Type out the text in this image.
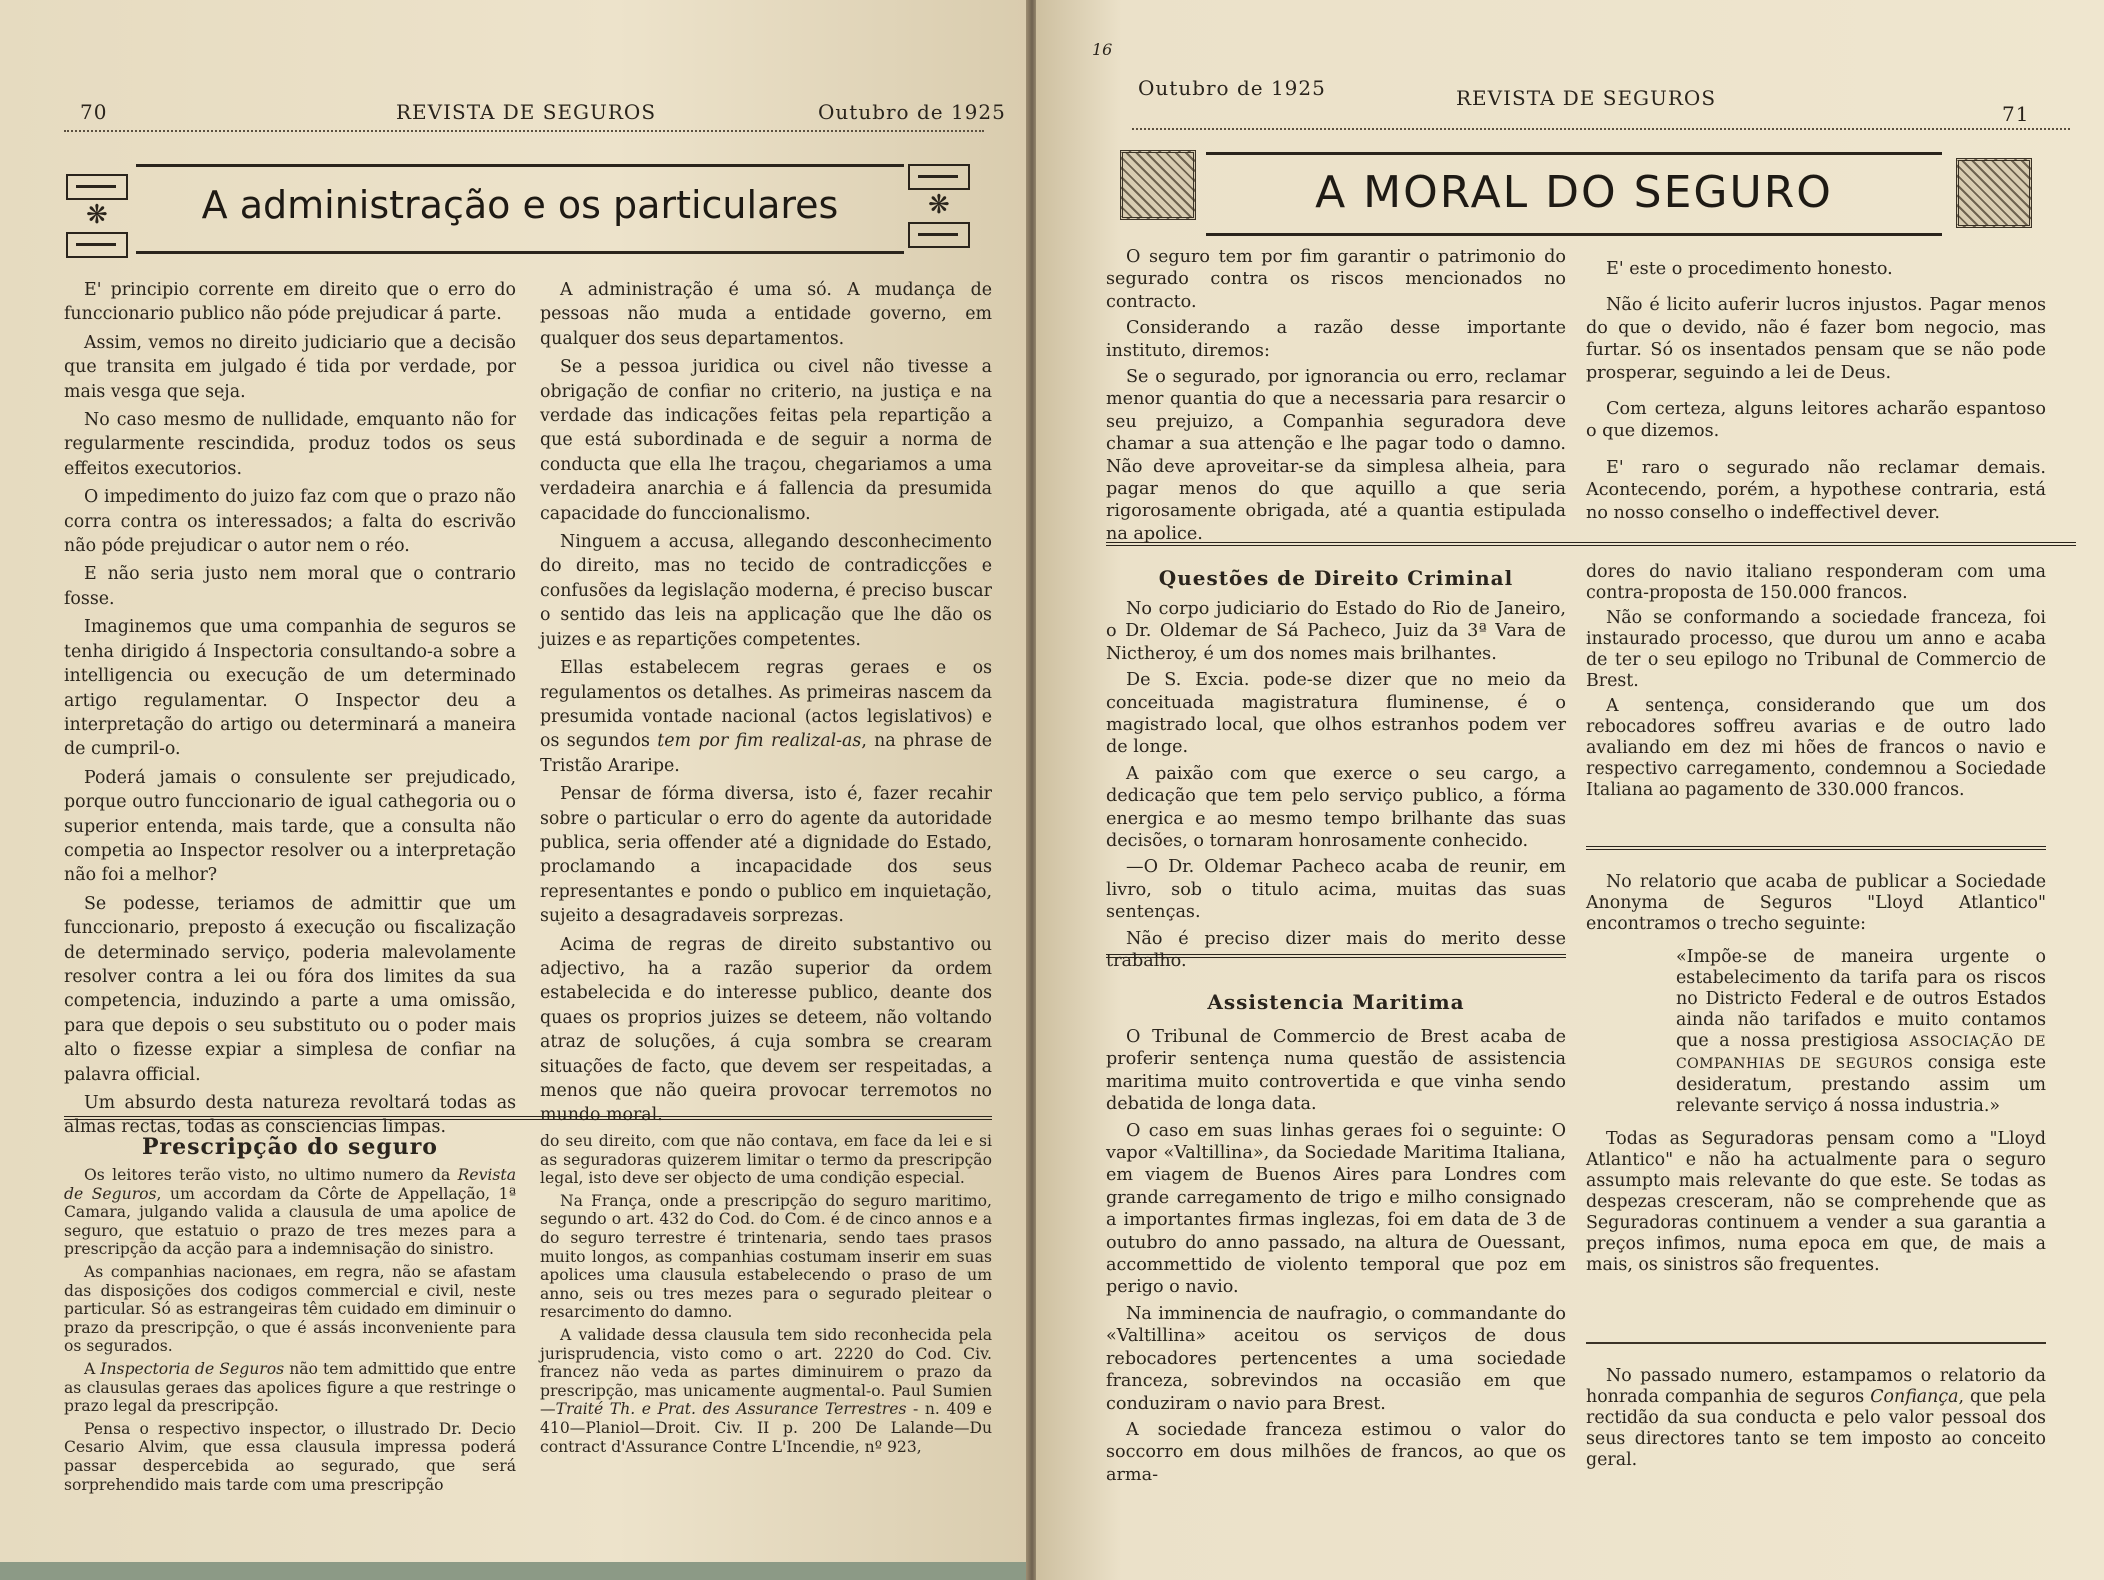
70	REVISTA DE SEGUROS	Outubro de 1925
❋	❋
A administração e os particulares

E' principio corrente em direito que o erro do funccionario publico não póde prejudicar á parte.

Assim, vemos no direito judiciario que a decisão que transita em julgado é tida por verdade, por mais vesga que seja.

No caso mesmo de nullidade, emquanto não for regularmente rescindida, produz todos os seus effeitos executorios.

O impedimento do juizo faz com que o prazo não corra contra os interessados; a falta do escrivão não póde prejudicar o autor nem o réo.

E não seria justo nem moral que o contrario fosse.

Imaginemos que uma companhia de seguros se tenha dirigido á Inspectoria consultando-a sobre a intelligencia ou execução de um determinado artigo regulamentar. O Inspector deu a interpretação do artigo ou determinará a maneira de cumpril-o.

Poderá jamais o consulente ser prejudicado, porque outro funccionario de igual cathegoria ou o superior entenda, mais tarde, que a consulta não competia ao Inspector resolver ou a interpretação não foi a melhor?

Se podesse, teriamos de admittir que um funccionario, preposto á execução ou fiscalização de determinado serviço, poderia malevolamente resolver contra a lei ou fóra dos limites da sua competencia, induzindo a parte a uma omissão, para que depois o seu substituto ou o poder mais alto o fizesse expiar a simplesa de confiar na palavra official.

Um absurdo desta natureza revoltará todas as almas rectas, todas as consciencias limpas.

A administração é uma só. A mudança de pessoas não muda a entidade governo, em qualquer dos seus departamentos.

Se a pessoa juridica ou civel não tivesse a obrigação de confiar no criterio, na justiça e na verdade das indicações feitas pela repartição a que está subordinada e de seguir a norma de conducta que ella lhe traçou, chegariamos a uma verdadeira anarchia e á fallencia da presumida capacidade do funccionalismo.

Ninguem a accusa, allegando desconhecimento do direito, mas no tecido de contradicções e confusões da legislação moderna, é preciso buscar o sentido das leis na applicação que lhe dão os juizes e as repartições competentes.

Ellas estabelecem regras geraes e os regulamentos os detalhes. As primeiras nascem da presumida vontade nacional (actos legislativos) e os segundos tem por fim realizal-as, na phrase de Tristão Araripe.

Pensar de fórma diversa, isto é, fazer recahir sobre o particular o erro do agente da autoridade publica, seria offender até a dignidade do Estado, proclamando a incapacidade dos seus representantes e pondo o publico em inquietação, sujeito a desagradaveis sorprezas.

Acima de regras de direito substantivo ou adjectivo, ha a razão superior da ordem estabelecida e do interesse publico, deante dos quaes os proprios juizes se deteem, não voltando atraz de soluções, á cuja sombra se crearam situações de facto, que devem ser respeitadas, a menos que não queira provocar terremotos no mundo moral.

Prescripção do seguro

Os leitores terão visto, no ultimo numero da Revista de Seguros, um accordam da Côrte de Appellação, 1ª Camara, julgando valida a clausula de uma apolice de seguro, que estatuio o prazo de tres mezes para a prescripção da acção para a indemnisação do sinistro.

As companhias nacionaes, em regra, não se afastam das disposições dos codigos commercial e civil, neste particular. Só as estrangeiras têm cuidado em diminuir o prazo da prescripção, o que é assás inconveniente para os segurados.

A Inspectoria de Seguros não tem admittido que entre as clausulas geraes das apolices figure a que restringe o prazo legal da prescripção.

Pensa o respectivo inspector, o illustrado Dr. Decio Cesario Alvim, que essa clausula impressa poderá passar despercebida ao segurado, que será sorprehendido mais tarde com uma prescripção

do seu direito, com que não contava, em face da lei e si as seguradoras quizerem limitar o termo da prescripção legal, isto deve ser objecto de uma condição especial.

Na França, onde a prescripção do seguro maritimo, segundo o art. 432 do Cod. do Com. é de cinco annos e a do seguro terrestre é trintenaria, sendo taes prasos muito longos, as companhias costumam inserir em suas apolices uma clausula estabelecendo o praso de um anno, seis ou tres mezes para o segurado pleitear o resarcimento do damno.

A validade dessa clausula tem sido reconhecida pela jurisprudencia, visto como o art. 2220 do Cod. Civ. francez não veda as partes diminuirem o prazo da prescripção, mas unicamente augmental-o. Paul Sumien—Traité Th. e Prat. des Assurance Terrestres - n. 409 e 410—Planiol—Droit. Civ. II p. 200 De Lalande—Du contract d'Assurance Contre L'Incendie, nº 923,

16
Outubro de 1925	REVISTA DE SEGUROS
71
A MORAL DO SEGURO

O seguro tem por fim garantir o patrimonio do segurado contra os riscos mencionados no contracto.

Considerando a razão desse importante instituto, diremos:

Se o segurado, por ignorancia ou erro, reclamar menor quantia do que a necessaria para resarcir o seu prejuizo, a Companhia seguradora deve chamar a sua attenção e lhe pagar todo o damno. Não deve aproveitar-se da simplesa alheia, para pagar menos do que aquillo a que seria rigorosamente obrigada, até a quantia estipulada na apolice.

E' este o procedimento honesto.

Não é licito auferir lucros injustos. Pagar menos do que o devido, não é fazer bom negocio, mas furtar. Só os insentados pensam que se não pode prosperar, seguindo a lei de Deus.

Com certeza, alguns leitores acharão espantoso o que dizemos.

E' raro o segurado não reclamar demais. Acontecendo, porém, a hypothese contraria, está no nosso conselho o indeffectivel dever.

Questões de Direito Criminal

No corpo judiciario do Estado do Rio de Janeiro, o Dr. Oldemar de Sá Pacheco, Juiz da 3ª Vara de Nictheroy, é um dos nomes mais brilhantes.

De S. Excia. pode-se dizer que no meio da conceituada magistratura fluminense, é o magistrado local, que olhos estranhos podem ver de longe.

A paixão com que exerce o seu cargo, a dedicação que tem pelo serviço publico, a fórma energica e ao mesmo tempo brilhante das suas decisões, o tornaram honrosamente conhecido.

—O Dr. Oldemar Pacheco acaba de reunir, em livro, sob o titulo acima, muitas das suas sentenças.

Não é preciso dizer mais do merito desse trabalho.

Assistencia Maritima

O Tribunal de Commercio de Brest acaba de proferir sentença numa questão de assistencia maritima muito controvertida e que vinha sendo debatida de longa data.

O caso em suas linhas geraes foi o seguinte: O vapor «Valtillina», da Sociedade Maritima Italiana, em viagem de Buenos Aires para Londres com grande carregamento de trigo e milho consignado a importantes firmas inglezas, foi em data de 3 de outubro do anno passado, na altura de Ouessant, accommettido de violento temporal que poz em perigo o navio.

Na imminencia de naufragio, o commandante do «Valtillina» aceitou os serviços de dous rebocadores pertencentes a uma sociedade franceza, sobrevindos na occasião em que conduziram o navio para Brest.

A sociedade franceza estimou o valor do soccorro em dous milhões de francos, ao que os arma-

dores do navio italiano responderam com uma contra-proposta de 150.000 francos.

Não se conformando a sociedade franceza, foi instaurado processo, que durou um anno e acaba de ter o seu epilogo no Tribunal de Commercio de Brest.

A sentença, considerando que um dos rebocadores soffreu avarias e de outro lado avaliando em dez mi hões de francos o navio e respectivo carregamento, condemnou a Sociedade Italiana ao pagamento de 330.000 francos.

No relatorio que acaba de publicar a Sociedade Anonyma de Seguros "Lloyd Atlantico" encontramos o trecho seguinte:

«Impõe-se de maneira urgente o estabelecimento da tarifa para os riscos no Districto Federal e de outros Estados ainda não tarifados e muito contamos que a nossa prestigiosa ASSOCIAÇÃO DE COMPANHIAS DE SEGUROS consiga este desideratum, prestando assim um relevante serviço á nossa industria.»

Todas as Seguradoras pensam como a "Lloyd Atlantico" e não ha actualmente para o seguro assumpto mais relevante do que este. Se todas as despezas cresceram, não se comprehende que as Seguradoras continuem a vender a sua garantia a preços infimos, numa epoca em que, de mais a mais, os sinistros são frequentes.

No passado numero, estampamos o relatorio da honrada companhia de seguros Confiança, que pela rectidão da sua conducta e pelo valor pessoal dos seus directores tanto se tem imposto ao conceito geral.
